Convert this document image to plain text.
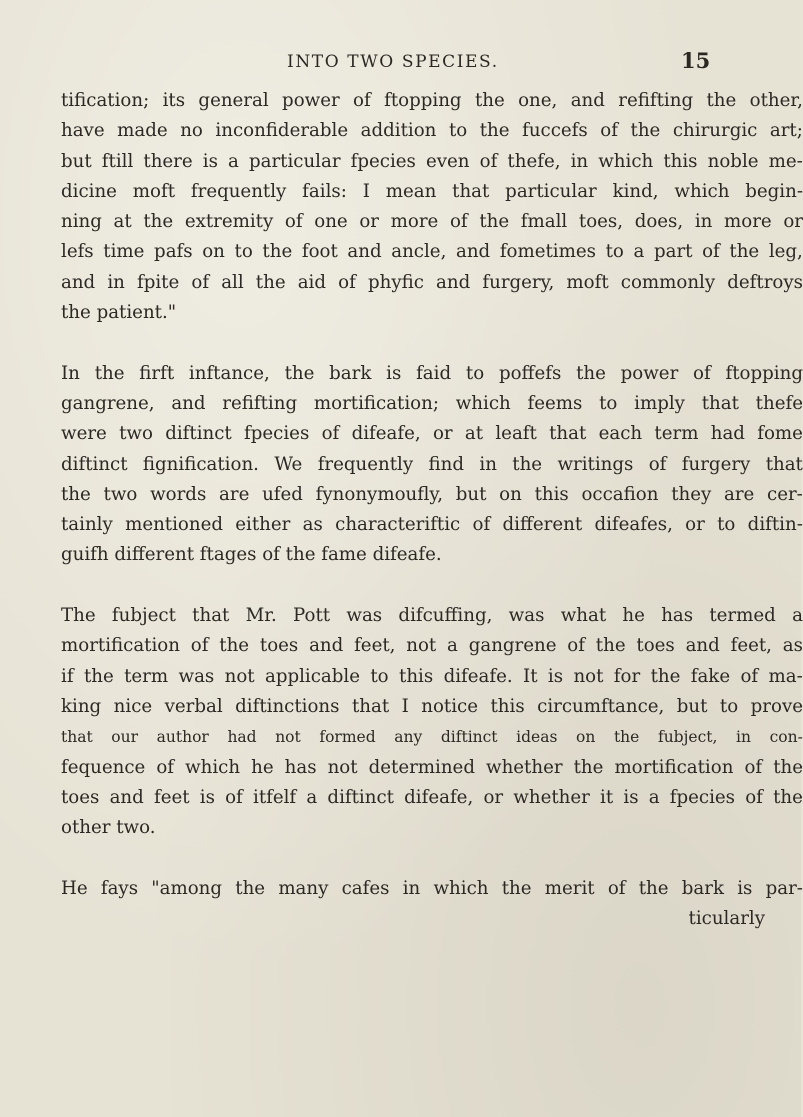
INTO TWO SPECIES.	15
tification; its general power of ftopping the one, and refifting the other,
have made no inconfiderable addition to the fuccefs of the chirurgic art;
but ftill there is a particular fpecies even of thefe, in which this noble me-
dicine moft frequently fails: I mean that particular kind, which begin-
ning at the extremity of one or more of the fmall toes, does, in more or
lefs time pafs on to the foot and ancle, and fometimes to a part of the leg,
and in fpite of all the aid of phyfic and furgery, moft commonly deftroys
the patient."
In the firft inftance, the bark is faid to poffefs the power of ftopping
gangrene, and refifting mortification; which feems to imply that thefe
were two diftinct fpecies of difeafe, or at leaft that each term had fome
diftinct fignification. We frequently find in the writings of furgery that
the two words are ufed fynonymoufly, but on this occafion they are cer-
tainly mentioned either as characteriftic of different difeafes, or to diftin-
guifh different ftages of the fame difeafe.
The fubject that Mr. Pott was difcuffing, was what he has termed a
mortification of the toes and feet, not a gangrene of the toes and feet, as
if the term was not applicable to this difeafe. It is not for the fake of ma-
king nice verbal diftinctions that I notice this circumftance, but to prove
that our author had not formed any diftinct ideas on the fubject, in con-
fequence of which he has not determined whether the mortification of the
toes and feet is of itfelf a diftinct difeafe, or whether it is a fpecies of the
other two.
He fays "among the many cafes in which the merit of the bark is par-
ticularly
